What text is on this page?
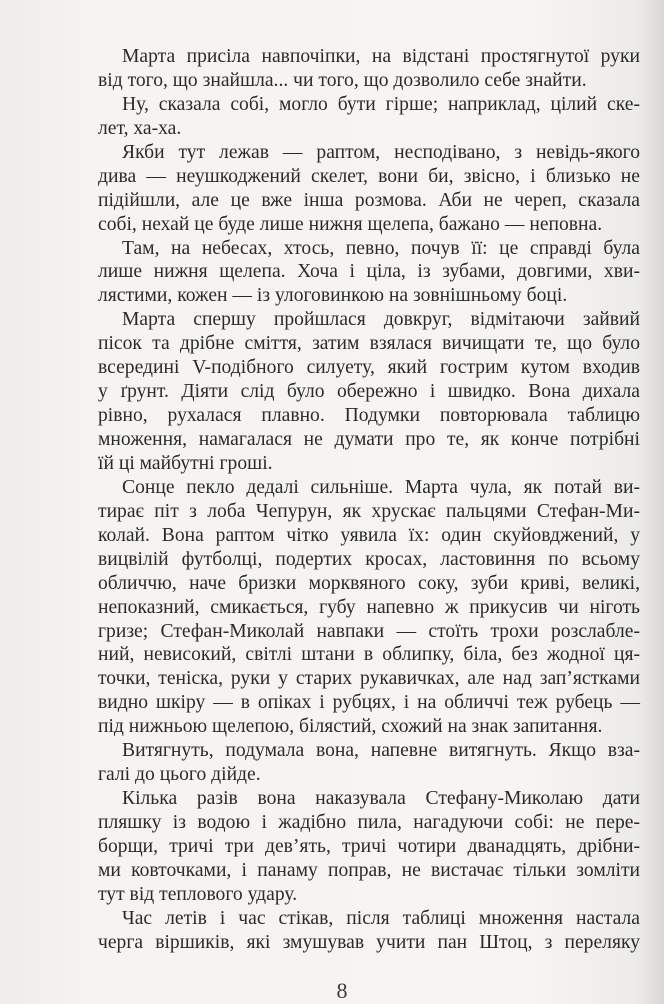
Марта присіла навпочіпки, на відстані простягнутої руки
від того, що знайшла... чи того, що дозволило себе знайти.
Ну, сказала собі, могло бути гірше; наприклад, цілий ске-
лет, ха-ха.
Якби тут лежав — раптом, несподівано, з невідь-якого
дива — неушкоджений скелет, вони би, звісно, і близько не
підійшли, але це вже інша розмова. Аби не череп, сказала
собі, нехай це буде лише нижня щелепа, бажано — неповна.
Там, на небесах, хтось, певно, почув її: це справді була
лише нижня щелепа. Хоча і ціла, із зубами, довгими, хви-
лястими, кожен — із улоговинкою на зовнішньому боці.
Марта спершу пройшлася довкруг, відмітаючи зайвий
пісок та дрібне сміття, затим взялася вичищати те, що було
всередині V-подібного силуету, який гострим кутом входив
у ґрунт. Діяти слід було обережно і швидко. Вона дихала
рівно, рухалася плавно. Подумки повторювала таблицю
множення, намагалася не думати про те, як конче потрібні
їй ці майбутні гроші.
Сонце пекло дедалі сильніше. Марта чула, як потай ви-
тирає піт з лоба Чепурун, як хрускає пальцями Стефан-Ми-
колай. Вона раптом чітко уявила їх: один скуйовджений, у
вицвілій футболці, подертих кросах, ластовиння по всьому
обличчю, наче бризки морквяного соку, зуби криві, великі,
непоказний, смикається, губу напевно ж прикусив чи ніготь
гризе; Стефан-Миколай навпаки — стоїть трохи розслабле-
ний, невисокий, світлі штани в облипку, біла, без жодної ця-
точки, теніска, руки у старих рукавичках, але над зап’ястками
видно шкіру — в опіках і рубцях, і на обличчі теж рубець —
під нижньою щелепою, білястий, схожий на знак запитання.
Витягнуть, подумала вона, напевне витягнуть. Якщо вза-
галі до цього дійде.
Кілька разів вона наказувала Стефану-Миколаю дати
пляшку із водою і жадібно пила, нагадуючи собі: не пере-
борщи, тричі три дев’ять, тричі чотири дванадцять, дрібни-
ми ковточками, і панаму поправ, не вистачає тільки зомліти
тут від теплового удару.
Час летів і час стікав, після таблиці множення настала
черга віршиків, які змушував учити пан Штоц, з переляку
8
